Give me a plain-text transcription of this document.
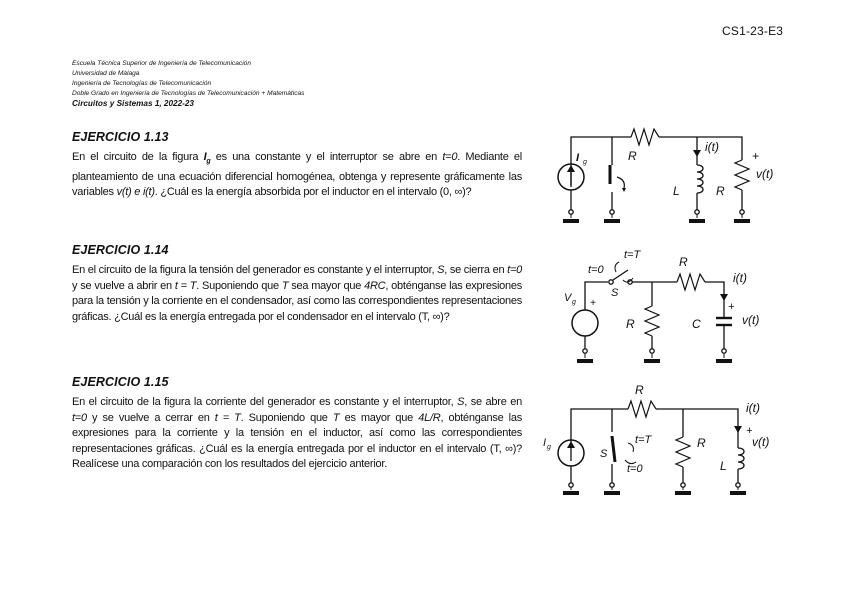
CS1-23-E3
Escuela Técnica Superior de Ingeniería de Telecomunicación
Universidad de Málaga
Ingeniería de Tecnologías de Telecomunicación
Doble Grado en Ingeniería de Tecnologías de Telecomunicación + Matemáticas
Circuitos y Sistemas 1, 2022-23
EJERCICIO 1.13

En el circuito de la figura $I_g$ es una constante y el interruptor se abre en t=0. Mediante el planteamiento de una ecuación diferencial homogénea, obtenga y represente gráficamente las variables v(t) e i(t). ¿Cuál es la energía absorbida por el inductor en el intervalo (0, ∞)?

EJERCICIO 1.14

En el circuito de la figura la tensión del generador es constante y el interruptor, S, se cierra en t=0 y se vuelve a abrir en t = T. Suponiendo que T sea mayor que 4RC, obténganse las expresiones para la tensión y la corriente en el condensador, así como las correspondientes representaciones gráficas. ¿Cuál es la energía entregada por el condensador en el intervalo (T, ∞)?

EJERCICIO 1.15

En el circuito de la figura la corriente del generador es constante y el interruptor, S, se abre en t=0 y se vuelve a cerrar en t = T. Suponiendo que T es mayor que 4L/R, obténganse las expresiones para la corriente y la tensión en el inductor, así como las correspondientes representaciones gráficas. ¿Cuál es la energía entregada por el inductor en el intervalo (T, ∞)? Realícese una comparación con los resultados del ejercicio anterior.

I g	R
i(t)
L	R
+
v(t)
V g +
t=0
t=T
S
R
i(t)
R	C
+
v(t)
I g
R
i(t)
S
t=T
t=0
R
L
+
v(t)
